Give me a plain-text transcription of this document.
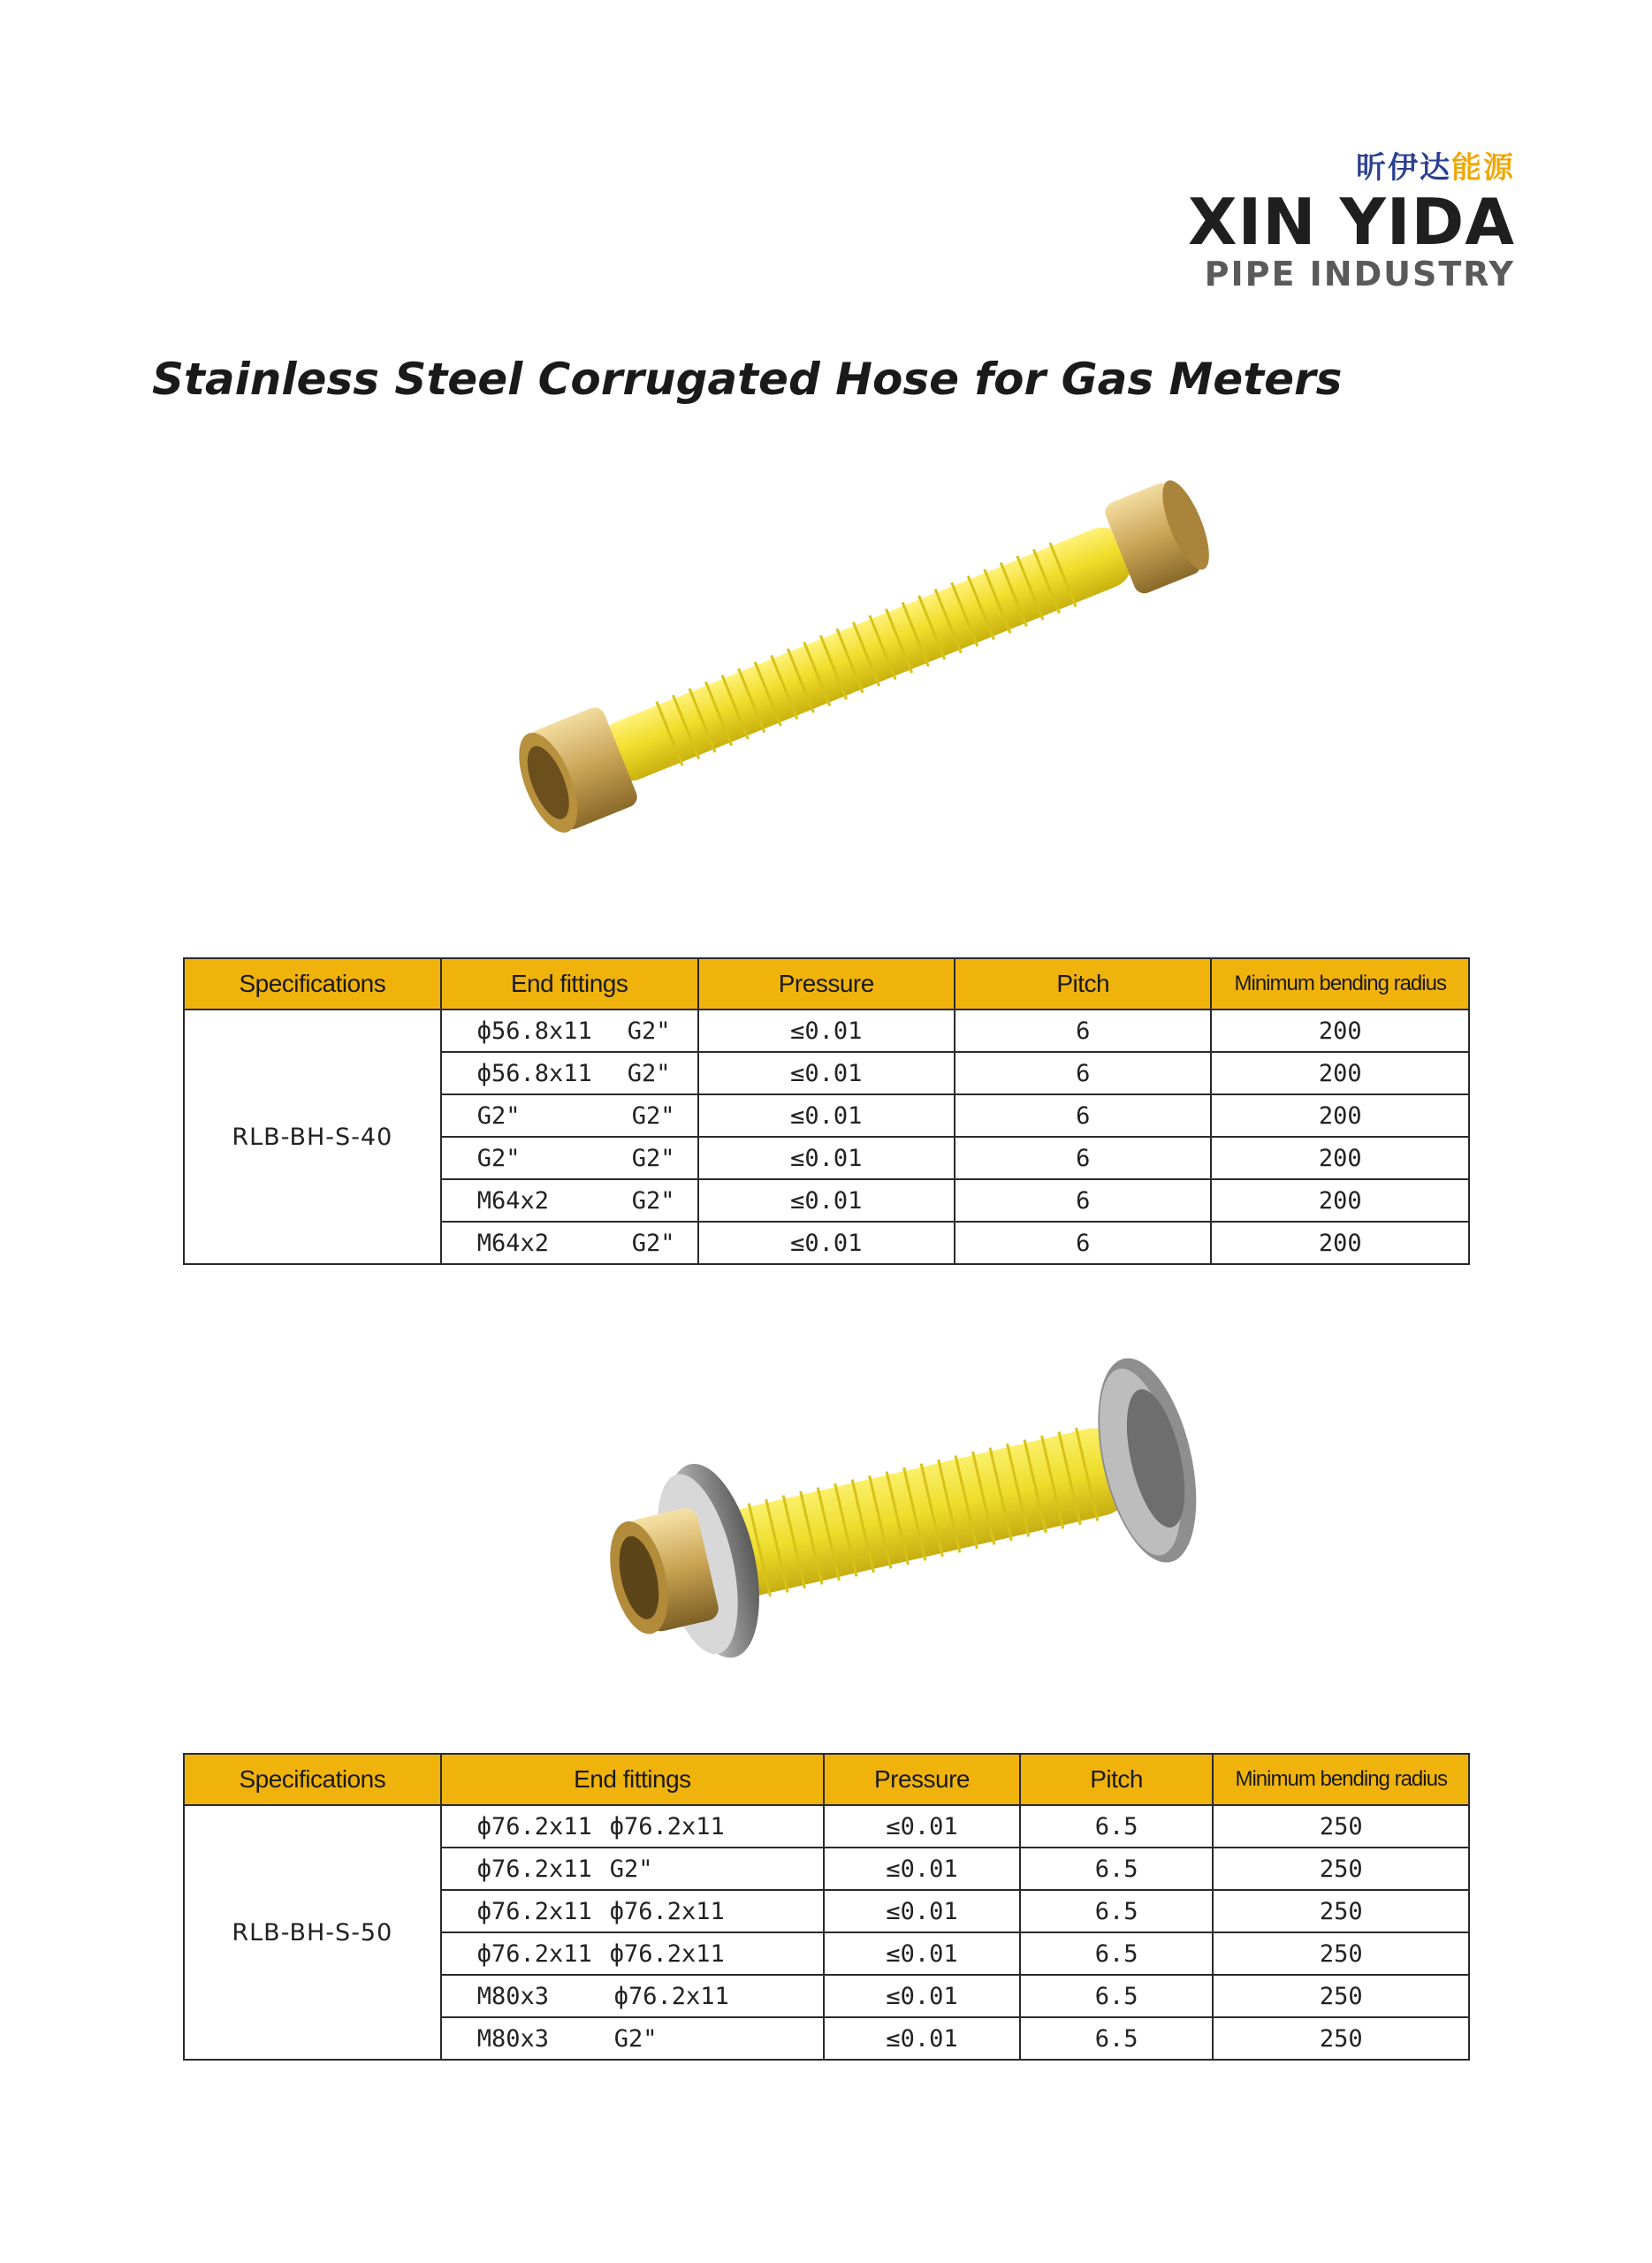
昕伊达能源
XIN YIDA
PIPE INDUSTRY
Stainless Steel Corrugated Hose for Gas Meters
Specifications	End fittings	Pressure	Pitch	Minimum bending radius
RLB-BH-S-40	ф56.8x11 G2"	≤0.01	6	200
	ф56.8x11 G2"	≤0.01	6	200
	G2" G2"	≤0.01	6	200
	G2" G2"	≤0.01	6	200
	M64x2 G2"	≤0.01	6	200
	M64x2 G2"	≤0.01	6	200
Specifications	End fittings	Pressure	Pitch	Minimum bending radius
RLB-BH-S-50	ф76.2x11 ф76.2x11	≤0.01	6.5	250
	ф76.2x11 G2"	≤0.01	6.5	250
	ф76.2x11 ф76.2x11	≤0.01	6.5	250
	ф76.2x11 ф76.2x11	≤0.01	6.5	250
	M80x3 ф76.2x11	≤0.01	6.5	250
	M80x3 G2"	≤0.01	6.5	250
